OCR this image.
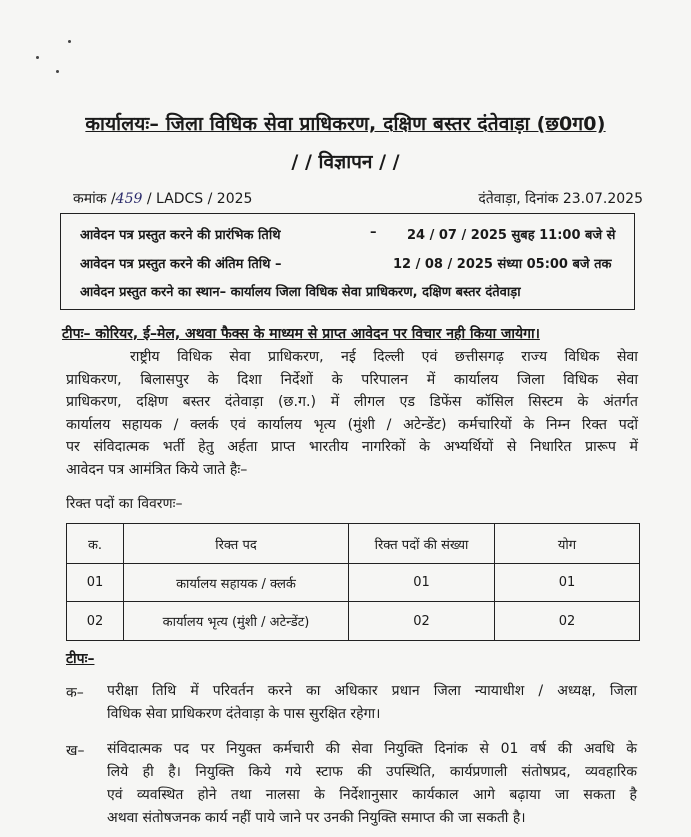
कार्यालयः– जिला विधिक सेवा प्राधिकरण, दक्षिण बस्तर दंतेवाड़ा (छ0ग0)
/ / विज्ञापन / /
कमांक /459 / LADCS / 2025	दंतेवाड़ा, दिनांक 23.07.2025
आवेदन पत्र प्रस्तुत करने की प्रारंभिक तिथि	– 24 / 07 / 2025 सुबह 11:00 बजे से
आवेदन पत्र प्रस्तुत करने की अंतिम तिथि –	12 / 08 / 2025 संध्या 05:00 बजे तक
आवेदन प्रस्तुत करने का स्थान– कार्यालय जिला विधिक सेवा प्राधिकरण, दक्षिण बस्तर दंतेवाड़ा
टीपः– कोरियर, ई–मेल, अथवा फैक्स के माध्यम से प्राप्त आवेदन पर विचार नही किया जायेगा।
राष्ट्रीय विधिक सेवा प्राधिकरण, नई दिल्ली एवं छत्तीसगढ़ राज्य विधिक सेवा
प्राधिकरण, बिलासपुर के दिशा निर्देशों के परिपालन में कार्यालय जिला विधिक सेवा
प्राधिकरण, दक्षिण बस्तर दंतेवाड़ा (छ.ग.) में लीगल एड डिफेंस कॉसिल सिस्टम के अंतर्गत
कार्यालय सहायक / क्लर्क एवं कार्यालय भृत्य (मुंशी / अटेन्डेंट) कर्मचारियों के निम्न रिक्त पदों
पर संविदात्मक भर्ती हेतु अर्हता प्राप्त भारतीय नागरिकों के अभ्यर्थियों से निधारित प्रारूप में
आवेदन पत्र आमंत्रित किये जाते हैः–
रिक्त पदों का विवरणः–
क.	रिक्त पद	रिक्त पदों की संख्या	योग
01	कार्यालय सहायक / क्लर्क	01	01
02	कार्यालय भृत्य (मुंशी / अटेन्डेंट)	02	02
टीपः–
क– परीक्षा तिथि में परिवर्तन करने का अधिकार प्रधान जिला न्यायाधीश / अध्यक्ष, जिला
विधिक सेवा प्राधिकरण दंतेवाड़ा के पास सुरक्षित रहेगा।
ख– संविदात्मक पद पर नियुक्त कर्मचारी की सेवा नियुक्ति दिनांक से 01 वर्ष की अवधि के
लिये ही है। नियुक्ति किये गये स्टाफ की उपस्थिति, कार्यप्रणाली संतोषप्रद, व्यवहारिक
एवं व्यवस्थित होने तथा नालसा के निर्देशानुसार कार्यकाल आगे बढ़ाया जा सकता है
अथवा संतोषजनक कार्य नहीं पाये जाने पर उनकी नियुक्ति समाप्त की जा सकती है।
